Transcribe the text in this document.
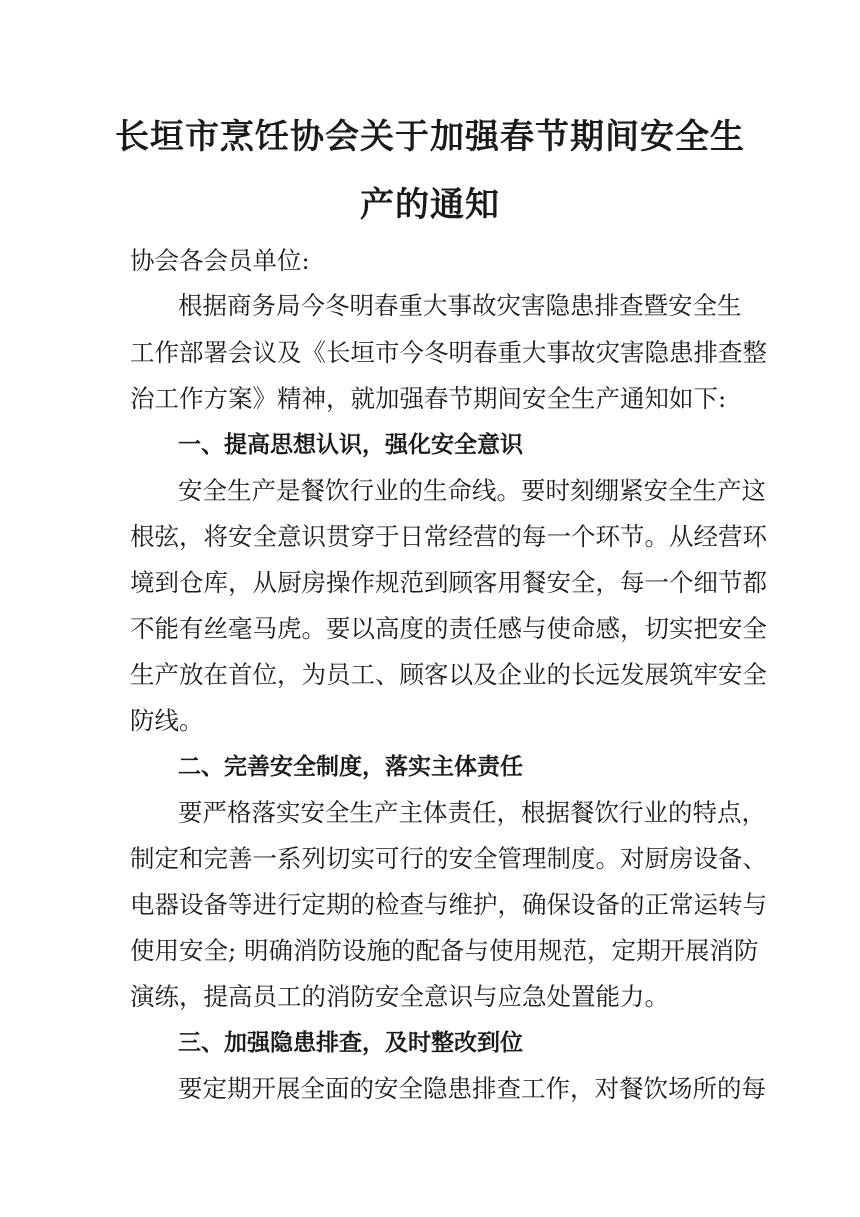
长垣市烹饪协会关于加强春节期间安全生
产的通知

协会各会员单位:

根据商务局今冬明春重大事故灾害隐患排查暨安全生

工作部署会议及《长垣市今冬明春重大事故灾害隐患排查整

治工作方案》精神，就加强春节期间安全生产通知如下:

一、提高思想认识，强化安全意识

安全生产是餐饮行业的生命线。要时刻绷紧安全生产这

根弦，将安全意识贯穿于日常经营的每一个环节。从经营环

境到仓库，从厨房操作规范到顾客用餐安全，每一个细节都

不能有丝毫马虎。要以高度的责任感与使命感，切实把安全

生产放在首位，为员工、顾客以及企业的长远发展筑牢安全

防线。

二、完善安全制度，落实主体责任

要严格落实安全生产主体责任，根据餐饮行业的特点，

制定和完善一系列切实可行的安全管理制度。对厨房设备、

电器设备等进行定期的检查与维护，确保设备的正常运转与

使用安全; 明确消防设施的配备与使用规范，定期开展消防

演练，提高员工的消防安全意识与应急处置能力。

三、加强隐患排查，及时整改到位

要定期开展全面的安全隐患排查工作，对餐饮场所的每
